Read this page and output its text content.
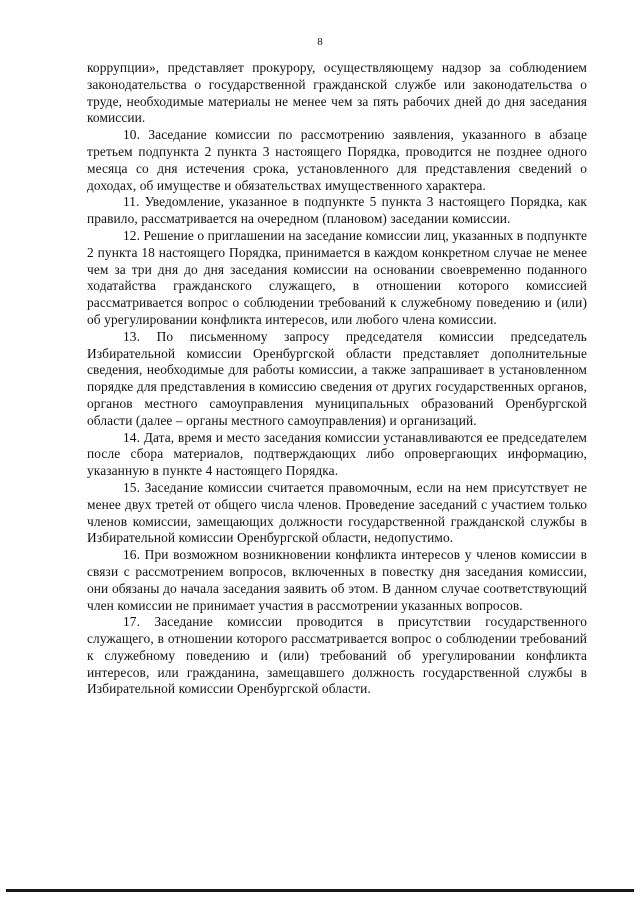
8

коррупции», представляет прокурору, осуществляющему надзор за соблюдением законодательства о государственной гражданской службе или законодательства о труде, необходимые материалы не менее чем за пять рабочих дней до дня заседания комиссии.

10. Заседание комиссии по рассмотрению заявления, указанного в абзаце третьем подпункта 2 пункта 3 настоящего Порядка, проводится не позднее одного месяца со дня истечения срока, установленного для представления сведений о доходах, об имуществе и обязательствах имущественного характера.

11. Уведомление, указанное в подпункте 5 пункта 3 настоящего Порядка, как правило, рассматривается на очередном (плановом) заседании комиссии.

12. Решение о приглашении на заседание комиссии лиц, указанных в подпункте 2 пункта 18 настоящего Порядка, принимается в каждом конкретном случае не менее чем за три дня до дня заседания комиссии на основании своевременно поданного ходатайства гражданского служащего, в отношении которого комиссией рассматривается вопрос о соблюдении требований к служебному поведению и (или) об урегулировании конфликта интересов, или любого члена комиссии.

13. По письменному запросу председателя комиссии председатель Избирательной комиссии Оренбургской области представляет дополнительные сведения, необходимые для работы комиссии, а также запрашивает в установленном порядке для представления в комиссию сведения от других государственных органов, органов местного самоуправления муниципальных образований Оренбургской области (далее – органы местного самоуправления) и организаций.

14. Дата, время и место заседания комиссии устанавливаются ее председателем после сбора материалов, подтверждающих либо опровергающих информацию, указанную в пункте 4 настоящего Порядка.

15. Заседание комиссии считается правомочным, если на нем присутствует не менее двух третей от общего числа членов. Проведение заседаний с участием только членов комиссии, замещающих должности государственной гражданской службы в Избирательной комиссии Оренбургской области, недопустимо.

16. При возможном возникновении конфликта интересов у членов комиссии в связи с рассмотрением вопросов, включенных в повестку дня заседания комиссии, они обязаны до начала заседания заявить об этом. В данном случае соответствующий член комиссии не принимает участия в рассмотрении указанных вопросов.

17. Заседание комиссии проводится в присутствии государственного служащего, в отношении которого рассматривается вопрос о соблюдении требований к служебному поведению и (или) требований об урегулировании конфликта интересов, или гражданина, замещавшего должность государственной службы в Избирательной комиссии Оренбургской области.
